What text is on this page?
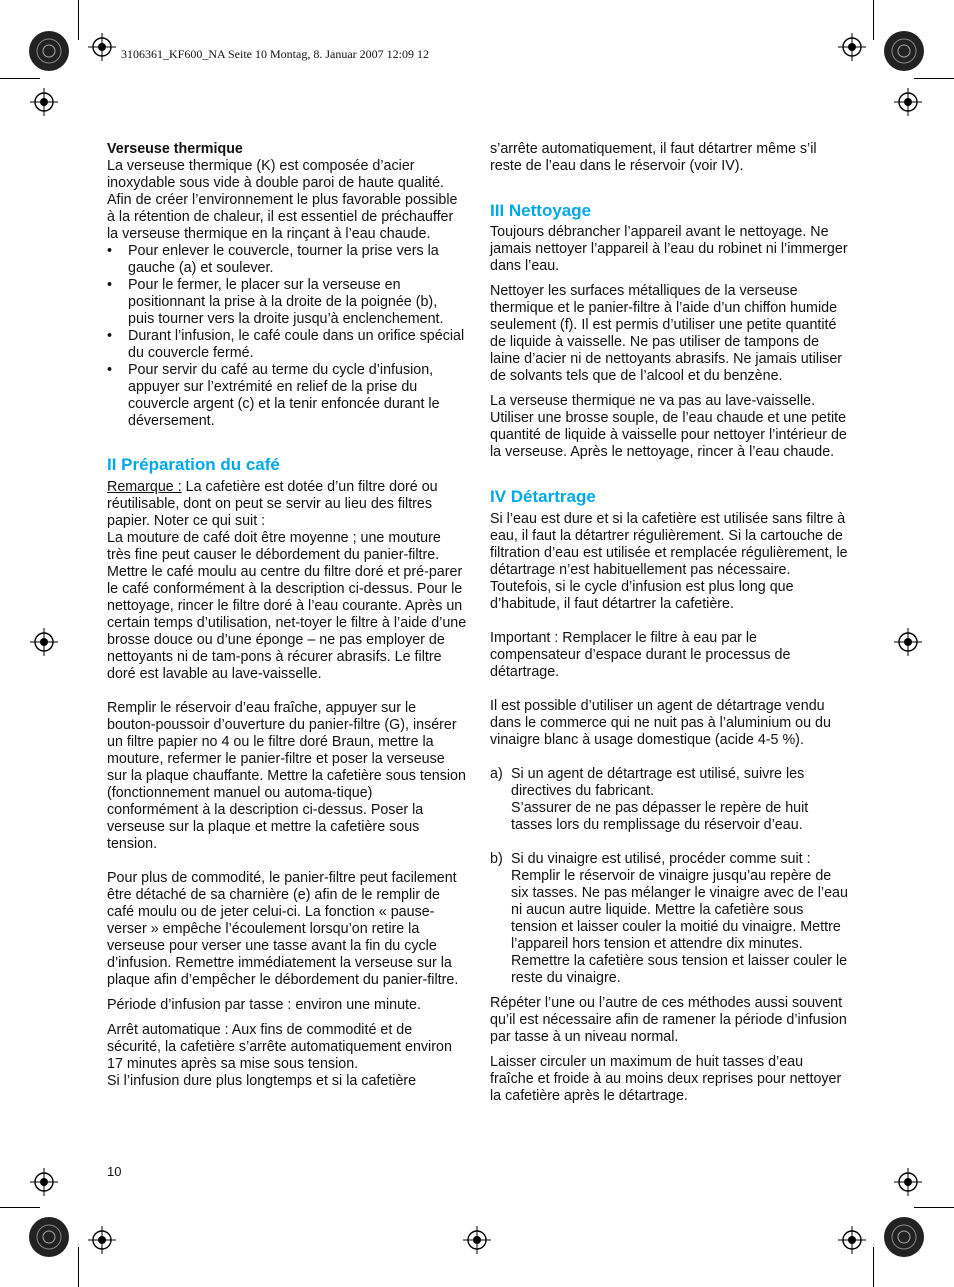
3106361_KF600_NA Seite 10 Montag, 8. Januar 2007 12:09 12

Verseuse thermique

La verseuse thermique (K) est composée d’acier inoxydable sous vide à double paroi de haute qualité. Afin de créer l’environnement le plus favorable possible à la rétention de chaleur, il est essentiel de préchauffer la verseuse thermique en la rinçant à l’eau chaude.

• Pour enlever le couvercle, tourner la prise vers la gauche (a) et soulever.
• Pour le fermer, le placer sur la verseuse en positionnant la prise à la droite de la poignée (b), puis tourner vers la droite jusqu’à enclenchement.
• Durant l’infusion, le café coule dans un orifice spécial du couvercle fermé.
• Pour servir du café au terme du cycle d’infusion, appuyer sur l’extrémité en relief de la prise du couvercle argent (c) et la tenir enfoncée durant le déversement.
II Préparation du café

Remarque : La cafetière est dotée d’un filtre doré ou réutilisable, dont on peut se servir au lieu des filtres papier. Noter ce qui suit :

La mouture de café doit être moyenne ; une mouture très fine peut causer le débordement du panier-filtre. Mettre le café moulu au centre du filtre doré et pré-parer le café conformément à la description ci-dessus. Pour le nettoyage, rincer le filtre doré à l’eau courante. Après un certain temps d’utilisation, net-toyer le filtre à l’aide d’une brosse douce ou d’une éponge – ne pas employer de nettoyants ni de tam-pons à récurer abrasifs. Le filtre doré est lavable au lave-vaisselle.

Remplir le réservoir d’eau fraîche, appuyer sur le bouton-poussoir d’ouverture du panier-filtre (G), insérer un filtre papier no 4 ou le filtre doré Braun, mettre la mouture, refermer le panier-filtre et poser la verseuse sur la plaque chauffante. Mettre la cafetière sous tension (fonctionnement manuel ou automa-tique) conformément à la description ci-dessus. Poser la verseuse sur la plaque et mettre la cafetière sous tension.

Pour plus de commodité, le panier-filtre peut facilement être détaché de sa charnière (e) afin de le remplir de café moulu ou de jeter celui-ci. La fonction « pause-verser » empêche l’écoulement lorsqu’on retire la verseuse pour verser une tasse avant la fin du cycle d’infusion. Remettre immédiatement la verseuse sur la plaque afin d’empêcher le débordement du panier-filtre.

Période d’infusion par tasse : environ une minute.

Arrêt automatique : Aux fins de commodité et de sécurité, la cafetière s’arrête automatiquement environ 17 minutes après sa mise sous tension.

Si l’infusion dure plus longtemps et si la cafetière

s’arrête automatiquement, il faut détartrer même s’il reste de l’eau dans le réservoir (voir IV).

III Nettoyage

Toujours débrancher l’appareil avant le nettoyage. Ne jamais nettoyer l’appareil à l’eau du robinet ni l’immerger dans l’eau.

Nettoyer les surfaces métalliques de la verseuse thermique et le panier-filtre à l’aide d’un chiffon humide seulement (f). Il est permis d’utiliser une petite quantité de liquide à vaisselle. Ne pas utiliser de tampons de laine d’acier ni de nettoyants abrasifs. Ne jamais utiliser de solvants tels que de l’alcool et du benzène.

La verseuse thermique ne va pas au lave-vaisselle. Utiliser une brosse souple, de l’eau chaude et une petite quantité de liquide à vaisselle pour nettoyer l’intérieur de la verseuse. Après le nettoyage, rincer à l’eau chaude.

IV Détartrage

Si l’eau est dure et si la cafetière est utilisée sans filtre à eau, il faut la détartrer régulièrement. Si la cartouche de filtration d’eau est utilisée et remplacée régulièrement, le détartrage n’est habituellement pas nécessaire. Toutefois, si le cycle d’infusion est plus long que d’habitude, il faut détartrer la cafetière.

Important : Remplacer le filtre à eau par le compensateur d’espace durant le processus de détartrage.

Il est possible d’utiliser un agent de détartrage vendu dans le commerce qui ne nuit pas à l’aluminium ou du vinaigre blanc à usage domestique (acide 4-5 %).

a) Si un agent de détartrage est utilisé, suivre les directives du fabricant.

S’assurer de ne pas dépasser le repère de huit tasses lors du remplissage du réservoir d’eau.

b) Si du vinaigre est utilisé, procéder comme suit :

Remplir le réservoir de vinaigre jusqu’au repère de six tasses. Ne pas mélanger le vinaigre avec de l’eau ni aucun autre liquide. Mettre la cafetière sous tension et laisser couler la moitié du vinaigre. Mettre l’appareil hors tension et attendre dix minutes. Remettre la cafetière sous tension et laisser couler le reste du vinaigre.

Répéter l’une ou l’autre de ces méthodes aussi souvent qu’il est nécessaire afin de ramener la période d’infusion par tasse à un niveau normal.

Laisser circuler un maximum de huit tasses d’eau fraîche et froide à au moins deux reprises pour nettoyer la cafetière après le détartrage.

10
